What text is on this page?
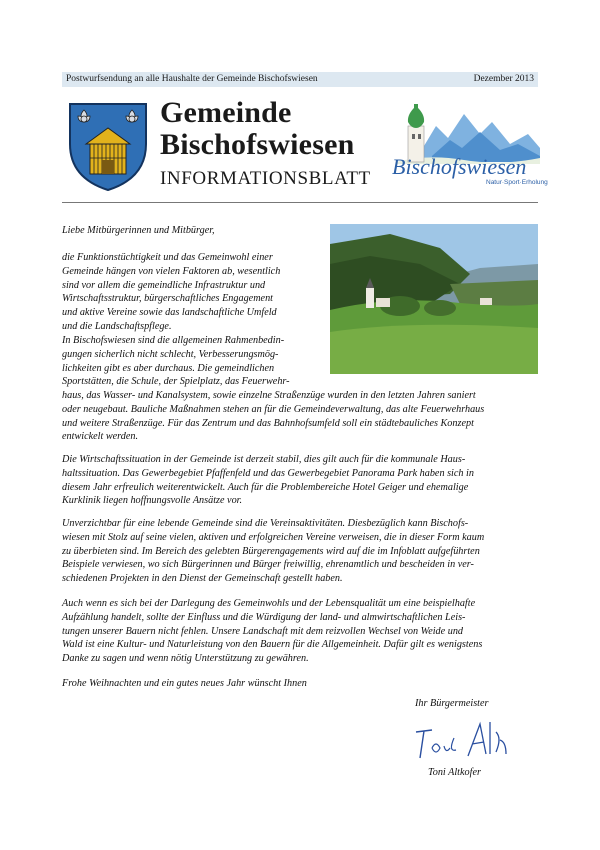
Postwurfsendung an alle Haushalte der Gemeinde Bischofswiesen	Dezember 2013
Gemeinde
Bischofswiesen
INFORMATIONSBLATT Bischofswiesen
Natur·Sport·Erholung
Liebe Mitbürgerinnen und Mitbürger,

die Funktionstüchtigkeit und das Gemeinwohl einer

Gemeinde hängen von vielen Faktoren ab, wesentlich

sind vor allem die gemeindliche Infrastruktur und

Wirtschaftsstruktur, bürgerschaftliches Engagement

und aktive Vereine sowie das landschaftliche Umfeld

und die Landschaftspflege.

In Bischofswiesen sind die allgemeinen Rahmenbedin-

gungen sicherlich nicht schlecht, Verbesserungsmög-

lichkeiten gibt es aber durchaus. Die gemeindlichen

Sportstätten, die Schule, der Spielplatz, das Feuerwehr-

haus, das Wasser- und Kanalsystem, sowie einzelne Straßenzüge wurden in den letzten Jahren saniert

oder neugebaut. Bauliche Maßnahmen stehen an für die Gemeindeverwaltung, das alte Feuerwehrhaus

und weitere Straßenzüge. Für das Zentrum und das Bahnhofsumfeld soll ein städtebauliches Konzept

entwickelt werden.

Die Wirtschaftssituation in der Gemeinde ist derzeit stabil, dies gilt auch für die kommunale Haus-

haltssituation. Das Gewerbegebiet Pfaffenfeld und das Gewerbegebiet Panorama Park haben sich in

diesem Jahr erfreulich weiterentwickelt. Auch für die Problembereiche Hotel Geiger und ehemalige

Kurklinik liegen hoffnungsvolle Ansätze vor.

Unverzichtbar für eine lebende Gemeinde sind die Vereinsaktivitäten. Diesbezüglich kann Bischofs-

wiesen mit Stolz auf seine vielen, aktiven und erfolgreichen Vereine verweisen, die in dieser Form kaum

zu überbieten sind. Im Bereich des gelebten Bürgerengagements wird auf die im Infoblatt aufgeführten

Beispiele verwiesen, wo sich Bürgerinnen und Bürger freiwillig, ehrenamtlich und bescheiden in ver-

schiedenen Projekten in den Dienst der Gemeinschaft gestellt haben.

Auch wenn es sich bei der Darlegung des Gemeinwohls und der Lebensqualität um eine beispielhafte

Aufzählung handelt, sollte der Einfluss und die Würdigung der land- und almwirtschaftlichen Leis-

tungen unserer Bauern nicht fehlen. Unsere Landschaft mit dem reizvollen Wechsel von Weide und

Wald ist eine Kultur- und Naturleistung von den Bauern für die Allgemeinheit. Dafür gilt es wenigstens

Danke zu sagen und wenn nötig Unterstützung zu gewähren.

Frohe Weihnachten und ein gutes neues Jahr wünscht Ihnen
Ihr Bürgermeister
Toni Altkofer
